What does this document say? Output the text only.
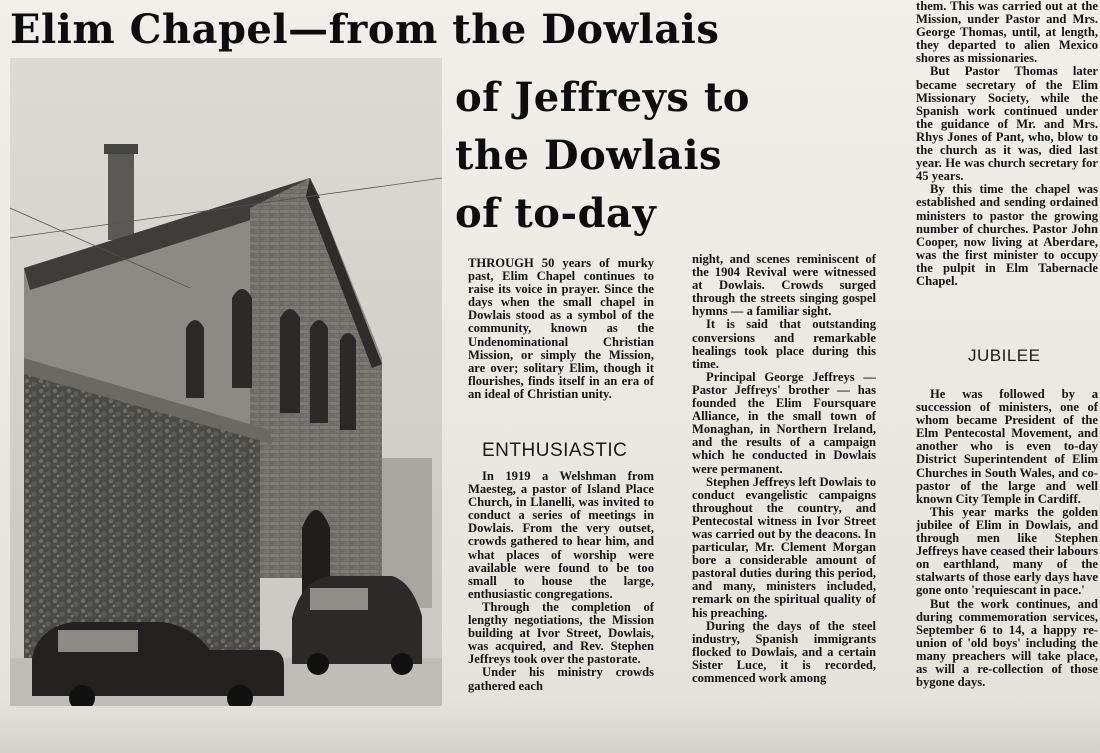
Elim Chapel—from the Dowlais
of Jeffreys to
the Dowlais
of to-day

THROUGH 50 years of murky past, Elim Chapel continues to raise its voice in prayer. Since the days when the small chapel in Dowlais stood as a symbol of the community, known as the Undenominational Christian Mission, or simply the Mission, are over; solitary Elim, though it flourishes, finds itself in an era of an ideal of Christian unity.

ENTHUSIASTIC

In 1919 a Welshman from Maesteg, a pastor of Island Place Church, in Llanelli, was invited to conduct a series of meetings in Dowlais. From the very outset, crowds gathered to hear him, and what places of worship were available were found to be too small to house the large, enthusiastic congregations.

Through the completion of lengthy negotiations, the Mission building at Ivor Street, Dowlais, was acquired, and Rev. Stephen Jeffreys took over the pastorate.

Under his ministry crowds gathered each

night, and scenes reminiscent of the 1904 Revival were witnessed at Dowlais. Crowds surged through the streets singing gospel hymns — a familiar sight.

It is said that outstanding conversions and remarkable healings took place during this time.

Principal George Jeffreys — Pastor Jeffreys' brother — has founded the Elim Foursquare Alliance, in the small town of Monaghan, in Northern Ireland, and the results of a campaign which he conducted in Dowlais were permanent.

Stephen Jeffreys left Dowlais to conduct evangelistic campaigns throughout the country, and Pentecostal witness in Ivor Street was carried out by the deacons. In particular, Mr. Clement Morgan bore a considerable amount of pastoral duties during this period, and many, ministers included, remark on the spiritual quality of his preaching.

During the days of the steel industry, Spanish immigrants flocked to Dowlais, and a certain Sister Luce, it is recorded, commenced work among

them. This was carried out at the Mission, under Pastor and Mrs. George Thomas, until, at length, they departed to alien Mexico shores as missionaries.

But Pastor Thomas later became secretary of the Elim Missionary Society, while the Spanish work continued under the guidance of Mr. and Mrs. Rhys Jones of Pant, who, blow to the church as it was, died last year. He was church secretary for 45 years.

By this time the chapel was established and sending ordained ministers to pastor the growing number of churches. Pastor John Cooper, now living at Aberdare, was the first minister to occupy the pulpit in Elm Tabernacle Chapel.

JUBILEE

He was followed by a succession of ministers, one of whom became President of the Elm Pentecostal Movement, and another who is even to-day District Superintendent of Elim Churches in South Wales, and co-pastor of the large and well known City Temple in Cardiff.

This year marks the golden jubilee of Elim in Dowlais, and through men like Stephen Jeffreys have ceased their labours on earthland, many of the stalwarts of those early days have gone onto 'requiescant in pace.'

But the work continues, and during commemoration services, September 6 to 14, a happy re-union of 'old boys' including the many preachers will take place, as will a re-collection of those bygone days.
